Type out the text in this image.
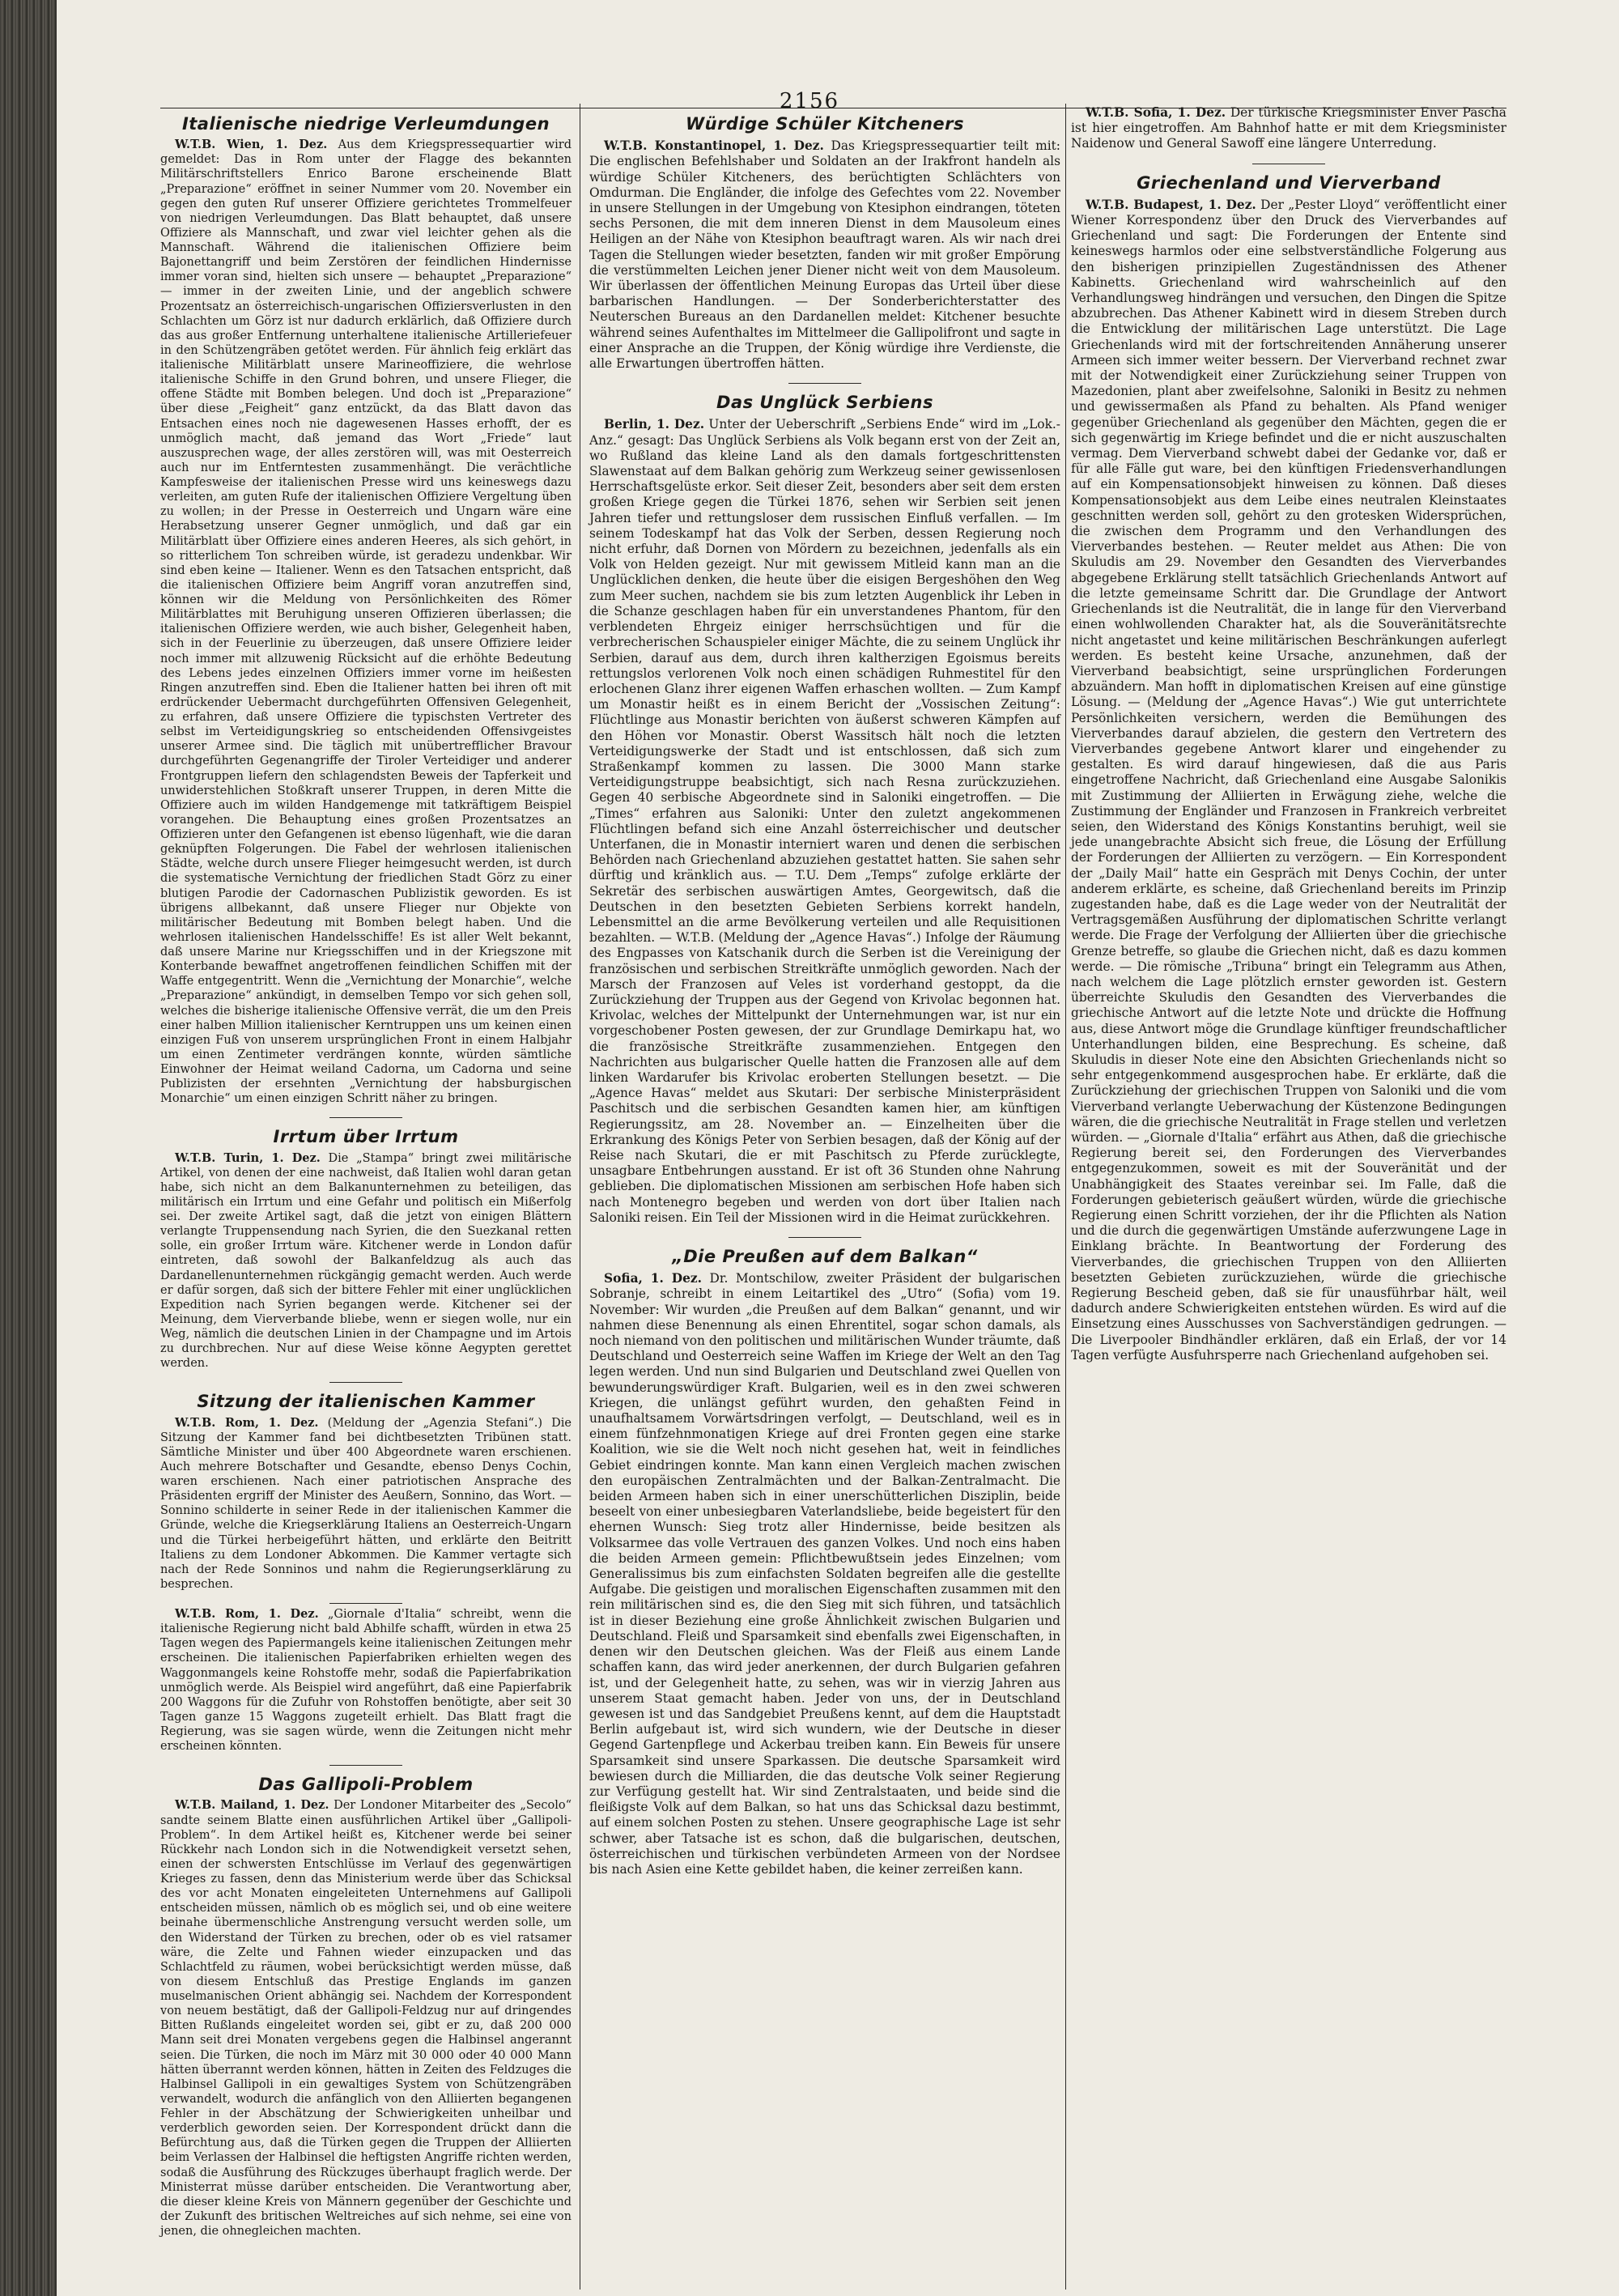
2156
Italienische niedrige Verleumdungen

W.T.B. Wien, 1. Dez. Aus dem Kriegspressequartier wird gemeldet: Das in Rom unter der Flagge des bekannten Militärschriftstellers Enrico Barone erscheinende Blatt „Preparazione“ eröffnet in seiner Nummer vom 20. November ein gegen den guten Ruf unserer Offiziere gerichtetes Trommelfeuer von niedrigen Verleumdungen. Das Blatt behauptet, daß unsere Offiziere als Mannschaft, und zwar viel leichter gehen als die Mannschaft. Während die italienischen Offiziere beim Bajonettangriff und beim Zerstören der feindlichen Hindernisse immer voran sind, hielten sich unsere — behauptet „Preparazione“ — immer in der zweiten Linie, und der angeblich schwere Prozentsatz an österreichisch-ungarischen Offiziersverlusten in den Schlachten um Görz ist nur dadurch erklärlich, daß Offiziere durch das aus großer Entfernung unterhaltene italienische Artilleriefeuer in den Schützengräben getötet werden. Für ähnlich feig erklärt das italienische Militärblatt unsere Marineoffiziere, die wehrlose italienische Schiffe in den Grund bohren, und unsere Flieger, die offene Städte mit Bomben belegen. Und doch ist „Preparazione“ über diese „Feigheit“ ganz entzückt, da das Blatt davon das Entsachen eines noch nie dagewesenen Hasses erhofft, der es unmöglich macht, daß jemand das Wort „Friede“ laut auszusprechen wage, der alles zerstören will, was mit Oesterreich auch nur im Entferntesten zusammenhängt. Die verächtliche Kampfesweise der italienischen Presse wird uns keineswegs dazu verleiten, am guten Rufe der italienischen Offiziere Vergeltung üben zu wollen; in der Presse in Oesterreich und Ungarn wäre eine Herabsetzung unserer Gegner unmöglich, und daß gar ein Militärblatt über Offiziere eines anderen Heeres, als sich gehört, in so ritterlichem Ton schreiben würde, ist geradezu undenkbar. Wir sind eben keine — Italiener. Wenn es den Tatsachen entspricht, daß die italienischen Offiziere beim Angriff voran anzutreffen sind, können wir die Meldung von Persönlichkeiten des Römer Militärblattes mit Beruhigung unseren Offizieren überlassen; die italienischen Offiziere werden, wie auch bisher, Gelegenheit haben, sich in der Feuerlinie zu überzeugen, daß unsere Offiziere leider noch immer mit allzuwenig Rücksicht auf die erhöhte Bedeutung des Lebens jedes einzelnen Offiziers immer vorne im heißesten Ringen anzutreffen sind. Eben die Italiener hatten bei ihren oft mit erdrückender Uebermacht durchgeführten Offensiven Gelegenheit, zu erfahren, daß unsere Offiziere die typischsten Vertreter des selbst im Verteidigungskrieg so entscheidenden Offensivgeistes unserer Armee sind. Die täglich mit unübertrefflicher Bravour durchgeführten Gegenangriffe der Tiroler Verteidiger und anderer Frontgruppen liefern den schlagendsten Beweis der Tapferkeit und unwiderstehlichen Stoßkraft unserer Truppen, in deren Mitte die Offiziere auch im wilden Handgemenge mit tatkräftigem Beispiel vorangehen. Die Behauptung eines großen Prozentsatzes an Offizieren unter den Gefangenen ist ebenso lügenhaft, wie die daran geknüpften Folgerungen. Die Fabel der wehrlosen italienischen Städte, welche durch unsere Flieger heimgesucht werden, ist durch die systematische Vernichtung der friedlichen Stadt Görz zu einer blutigen Parodie der Cadornaschen Publizistik geworden. Es ist übrigens allbekannt, daß unsere Flieger nur Objekte von militärischer Bedeutung mit Bomben belegt haben. Und die wehrlosen italienischen Handelsschiffe! Es ist aller Welt bekannt, daß unsere Marine nur Kriegsschiffen und in der Kriegszone mit Konterbande bewaffnet angetroffenen feindlichen Schiffen mit der Waffe entgegentritt. Wenn die „Vernichtung der Monarchie“, welche „Preparazione“ ankündigt, in demselben Tempo vor sich gehen soll, welches die bisherige italienische Offensive verrät, die um den Preis einer halben Million italienischer Kerntruppen uns um keinen einen einzigen Fuß von unserem ursprünglichen Front in einem Halbjahr um einen Zentimeter verdrängen konnte, würden sämtliche Einwohner der Heimat weiland Cadorna, um Cadorna und seine Publizisten der ersehnten „Vernichtung der habsburgischen Monarchie“ um einen einzigen Schritt näher zu bringen.

Irrtum über Irrtum

W.T.B. Turin, 1. Dez. Die „Stampa“ bringt zwei militärische Artikel, von denen der eine nachweist, daß Italien wohl daran getan habe, sich nicht an dem Balkanunternehmen zu beteiligen, das militärisch ein Irrtum und eine Gefahr und politisch ein Mißerfolg sei. Der zweite Artikel sagt, daß die jetzt von einigen Blättern verlangte Truppensendung nach Syrien, die den Suezkanal retten solle, ein großer Irrtum wäre. Kitchener werde in London dafür eintreten, daß sowohl der Balkanfeldzug als auch das Dardanellenunternehmen rückgängig gemacht werden. Auch werde er dafür sorgen, daß sich der bittere Fehler mit einer unglücklichen Expedition nach Syrien begangen werde. Kitchener sei der Meinung, dem Vierverbande bliebe, wenn er siegen wolle, nur ein Weg, nämlich die deutschen Linien in der Champagne und im Artois zu durchbrechen. Nur auf diese Weise könne Aegypten gerettet werden.

Sitzung der italienischen Kammer

W.T.B. Rom, 1. Dez. (Meldung der „Agenzia Stefani“.) Die Sitzung der Kammer fand bei dichtbesetzten Tribünen statt. Sämtliche Minister und über 400 Abgeordnete waren erschienen. Auch mehrere Botschafter und Gesandte, ebenso Denys Cochin, waren erschienen. Nach einer patriotischen Ansprache des Präsidenten ergriff der Minister des Aeußern, Sonnino, das Wort. — Sonnino schilderte in seiner Rede in der italienischen Kammer die Gründe, welche die Kriegserklärung Italiens an Oesterreich-Ungarn und die Türkei herbeigeführt hätten, und erklärte den Beitritt Italiens zu dem Londoner Abkommen. Die Kammer vertagte sich nach der Rede Sonninos und nahm die Regierungserklärung zu besprechen.

W.T.B. Rom, 1. Dez. „Giornale d'Italia“ schreibt, wenn die italienische Regierung nicht bald Abhilfe schafft, würden in etwa 25 Tagen wegen des Papiermangels keine italienischen Zeitungen mehr erscheinen. Die italienischen Papierfabriken erhielten wegen des Waggonmangels keine Rohstoffe mehr, sodaß die Papierfabrikation unmöglich werde. Als Beispiel wird angeführt, daß eine Papierfabrik 200 Waggons für die Zufuhr von Rohstoffen benötigte, aber seit 30 Tagen ganze 15 Waggons zugeteilt erhielt. Das Blatt fragt die Regierung, was sie sagen würde, wenn die Zeitungen nicht mehr erscheinen könnten.

Das Gallipoli-Problem

W.T.B. Mailand, 1. Dez. Der Londoner Mitarbeiter des „Secolo“ sandte seinem Blatte einen ausführlichen Artikel über „Gallipoli-Problem“. In dem Artikel heißt es, Kitchener werde bei seiner Rückkehr nach London sich in die Notwendigkeit versetzt sehen, einen der schwersten Entschlüsse im Verlauf des gegenwärtigen Krieges zu fassen, denn das Ministerium werde über das Schicksal des vor acht Monaten eingeleiteten Unternehmens auf Gallipoli entscheiden müssen, nämlich ob es möglich sei, und ob eine weitere beinahe übermenschliche Anstrengung versucht werden solle, um den Widerstand der Türken zu brechen, oder ob es viel ratsamer wäre, die Zelte und Fahnen wieder einzupacken und das Schlachtfeld zu räumen, wobei berücksichtigt werden müsse, daß von diesem Entschluß das Prestige Englands im ganzen muselmanischen Orient abhängig sei. Nachdem der Korrespondent von neuem bestätigt, daß der Gallipoli-Feldzug nur auf dringendes Bitten Rußlands eingeleitet worden sei, gibt er zu, daß 200 000 Mann seit drei Monaten vergebens gegen die Halbinsel angerannt seien. Die Türken, die noch im März mit 30 000 oder 40 000 Mann hätten überrannt werden können, hätten in Zeiten des Feldzuges die Halbinsel Gallipoli in ein gewaltiges System von Schützengräben verwandelt, wodurch die anfänglich von den Alliierten begangenen Fehler in der Abschätzung der Schwierigkeiten unheilbar und verderblich geworden seien. Der Korrespondent drückt dann die Befürchtung aus, daß die Türken gegen die Truppen der Alliierten beim Verlassen der Halbinsel die heftigsten Angriffe richten werden, sodaß die Ausführung des Rückzuges überhaupt fraglich werde. Der Ministerrat müsse darüber entscheiden. Die Verantwortung aber, die dieser kleine Kreis von Männern gegenüber der Geschichte und der Zukunft des britischen Weltreiches auf sich nehme, sei eine von jenen, die ohnegleichen machten.

Würdige Schüler Kitcheners

W.T.B. Konstantinopel, 1. Dez. Das Kriegspressequartier teilt mit: Die englischen Befehlshaber und Soldaten an der Irakfront handeln als würdige Schüler Kitcheners, des berüchtigten Schlächters von Omdurman. Die Engländer, die infolge des Gefechtes vom 22. November in unsere Stellungen in der Umgebung von Ktesiphon eindrangen, töteten sechs Personen, die mit dem inneren Dienst in dem Mausoleum eines Heiligen an der Nähe von Ktesiphon beauftragt waren. Als wir nach drei Tagen die Stellungen wieder besetzten, fanden wir mit großer Empörung die verstümmelten Leichen jener Diener nicht weit von dem Mausoleum. Wir überlassen der öffentlichen Meinung Europas das Urteil über diese barbarischen Handlungen. — Der Sonderberichterstatter des Neuterschen Bureaus an den Dardanellen meldet: Kitchener besuchte während seines Aufenthaltes im Mittelmeer die Gallipolifront und sagte in einer Ansprache an die Truppen, der König würdige ihre Verdienste, die alle Erwartungen übertroffen hätten.

Das Unglück Serbiens

Berlin, 1. Dez. Unter der Ueberschrift „Serbiens Ende“ wird im „Lok.-Anz.“ gesagt: Das Unglück Serbiens als Volk begann erst von der Zeit an, wo Rußland das kleine Land als den damals fortgeschrittensten Slawenstaat auf dem Balkan gehörig zum Werkzeug seiner gewissenlosen Herrschaftsgelüste erkor. Seit dieser Zeit, besonders aber seit dem ersten großen Kriege gegen die Türkei 1876, sehen wir Serbien seit jenen Jahren tiefer und rettungsloser dem russischen Einfluß verfallen. — Im seinem Todeskampf hat das Volk der Serben, dessen Regierung noch nicht erfuhr, daß Dornen von Mördern zu bezeichnen, jedenfalls als ein Volk von Helden gezeigt. Nur mit gewissem Mitleid kann man an die Unglücklichen denken, die heute über die eisigen Bergeshöhen den Weg zum Meer suchen, nachdem sie bis zum letzten Augenblick ihr Leben in die Schanze geschlagen haben für ein unverstandenes Phantom, für den verblendeten Ehrgeiz einiger herrschsüchtigen und für die verbrecherischen Schauspieler einiger Mächte, die zu seinem Unglück ihr Serbien, darauf aus dem, durch ihren kaltherzigen Egoismus bereits rettungslos verlorenen Volk noch einen schädigen Ruhmestitel für den erlochenen Glanz ihrer eigenen Waffen erhaschen wollten. — Zum Kampf um Monastir heißt es in einem Bericht der „Vossischen Zeitung“: Flüchtlinge aus Monastir berichten von äußerst schweren Kämpfen auf den Höhen vor Monastir. Oberst Wassitsch hält noch die letzten Verteidigungswerke der Stadt und ist entschlossen, daß sich zum Straßenkampf kommen zu lassen. Die 3000 Mann starke Verteidigungstruppe beabsichtigt, sich nach Resna zurückzuziehen. Gegen 40 serbische Abgeordnete sind in Saloniki eingetroffen. — Die „Times“ erfahren aus Saloniki: Unter den zuletzt angekommenen Flüchtlingen befand sich eine Anzahl österreichischer und deutscher Unterfanen, die in Monastir interniert waren und denen die serbischen Behörden nach Griechenland abzuziehen gestattet hatten. Sie sahen sehr dürftig und kränklich aus. — T.U. Dem „Temps“ zufolge erklärte der Sekretär des serbischen auswärtigen Amtes, Georgewitsch, daß die Deutschen in den besetzten Gebieten Serbiens korrekt handeln, Lebensmittel an die arme Bevölkerung verteilen und alle Requisitionen bezahlten. — W.T.B. (Meldung der „Agence Havas“.) Infolge der Räumung des Engpasses von Katschanik durch die Serben ist die Vereinigung der französischen und serbischen Streitkräfte unmöglich geworden. Nach der Marsch der Franzosen auf Veles ist vorderhand gestoppt, da die Zurückziehung der Truppen aus der Gegend von Krivolac begonnen hat. Krivolac, welches der Mittelpunkt der Unternehmungen war, ist nur ein vorgeschobener Posten gewesen, der zur Grundlage Demirkapu hat, wo die französische Streitkräfte zusammenziehen. Entgegen den Nachrichten aus bulgarischer Quelle hatten die Franzosen alle auf dem linken Wardarufer bis Krivolac eroberten Stellungen besetzt. — Die „Agence Havas“ meldet aus Skutari: Der serbische Ministerpräsident Paschitsch und die serbischen Gesandten kamen hier, am künftigen Regierungssitz, am 28. November an. — Einzelheiten über die Erkrankung des Königs Peter von Serbien besagen, daß der König auf der Reise nach Skutari, die er mit Paschitsch zu Pferde zurücklegte, unsagbare Entbehrungen ausstand. Er ist oft 36 Stunden ohne Nahrung geblieben. Die diplomatischen Missionen am serbischen Hofe haben sich nach Montenegro begeben und werden von dort über Italien nach Saloniki reisen. Ein Teil der Missionen wird in die Heimat zurückkehren.

„Die Preußen auf dem Balkan“

Sofia, 1. Dez. Dr. Montschilow, zweiter Präsident der bulgarischen Sobranje, schreibt in einem Leitartikel des „Utro“ (Sofia) vom 19. November: Wir wurden „die Preußen auf dem Balkan“ genannt, und wir nahmen diese Benennung als einen Ehrentitel, sogar schon damals, als noch niemand von den politischen und militärischen Wunder träumte, daß Deutschland und Oesterreich seine Waffen im Kriege der Welt an den Tag legen werden. Und nun sind Bulgarien und Deutschland zwei Quellen von bewunderungswürdiger Kraft. Bulgarien, weil es in den zwei schweren Kriegen, die unlängst geführt wurden, den gehaßten Feind in unaufhaltsamem Vorwärtsdringen verfolgt, — Deutschland, weil es in einem fünfzehnmonatigen Kriege auf drei Fronten gegen eine starke Koalition, wie sie die Welt noch nicht gesehen hat, weit in feindliches Gebiet eindringen konnte. Man kann einen Vergleich machen zwischen den europäischen Zentralmächten und der Balkan-Zentralmacht. Die beiden Armeen haben sich in einer unerschütterlichen Disziplin, beide beseelt von einer unbesiegbaren Vaterlandsliebe, beide begeistert für den ehernen Wunsch: Sieg trotz aller Hindernisse, beide besitzen als Volksarmee das volle Vertrauen des ganzen Volkes. Und noch eins haben die beiden Armeen gemein: Pflichtbewußtsein jedes Einzelnen; vom Generalissimus bis zum einfachsten Soldaten begreifen alle die gestellte Aufgabe. Die geistigen und moralischen Eigenschaften zusammen mit den rein militärischen sind es, die den Sieg mit sich führen, und tatsächlich ist in dieser Beziehung eine große Ähnlichkeit zwischen Bulgarien und Deutschland. Fleiß und Sparsamkeit sind ebenfalls zwei Eigenschaften, in denen wir den Deutschen gleichen. Was der Fleiß aus einem Lande schaffen kann, das wird jeder anerkennen, der durch Bulgarien gefahren ist, und der Gelegenheit hatte, zu sehen, was wir in vierzig Jahren aus unserem Staat gemacht haben. Jeder von uns, der in Deutschland gewesen ist und das Sandgebiet Preußens kennt, auf dem die Hauptstadt Berlin aufgebaut ist, wird sich wundern, wie der Deutsche in dieser Gegend Gartenpflege und Ackerbau treiben kann. Ein Beweis für unsere Sparsamkeit sind unsere Sparkassen. Die deutsche Sparsamkeit wird bewiesen durch die Milliarden, die das deutsche Volk seiner Regierung zur Verfügung gestellt hat. Wir sind Zentralstaaten, und beide sind die fleißigste Volk auf dem Balkan, so hat uns das Schicksal dazu bestimmt, auf einem solchen Posten zu stehen. Unsere geographische Lage ist sehr schwer, aber Tatsache ist es schon, daß die bulgarischen, deutschen, österreichischen und türkischen verbündeten Armeen von der Nordsee bis nach Asien eine Kette gebildet haben, die keiner zerreißen kann.

W.T.B. Sofia, 1. Dez. Der türkische Kriegsminister Enver Pascha ist hier eingetroffen. Am Bahnhof hatte er mit dem Kriegsminister Naidenow und General Sawoff eine längere Unterredung.

Griechenland und Vierverband

W.T.B. Budapest, 1. Dez. Der „Pester Lloyd“ veröffentlicht einer Wiener Korrespondenz über den Druck des Vierverbandes auf Griechenland und sagt: Die Forderungen der Entente sind keineswegs harmlos oder eine selbstverständliche Folgerung aus den bisherigen prinzipiellen Zugeständnissen des Athener Kabinetts. Griechenland wird wahrscheinlich auf den Verhandlungsweg hindrängen und versuchen, den Dingen die Spitze abzubrechen. Das Athener Kabinett wird in diesem Streben durch die Entwicklung der militärischen Lage unterstützt. Die Lage Griechenlands wird mit der fortschreitenden Annäherung unserer Armeen sich immer weiter bessern. Der Vierverband rechnet zwar mit der Notwendigkeit einer Zurückziehung seiner Truppen von Mazedonien, plant aber zweifelsohne, Saloniki in Besitz zu nehmen und gewissermaßen als Pfand zu behalten. Als Pfand weniger gegenüber Griechenland als gegenüber den Mächten, gegen die er sich gegenwärtig im Kriege befindet und die er nicht auszuschalten vermag. Dem Vierverband schwebt dabei der Gedanke vor, daß er für alle Fälle gut ware, bei den künftigen Friedensverhandlungen auf ein Kompensationsobjekt hinweisen zu können. Daß dieses Kompensationsobjekt aus dem Leibe eines neutralen Kleinstaates geschnitten werden soll, gehört zu den grotesken Widersprüchen, die zwischen dem Programm und den Verhandlungen des Vierverbandes bestehen. — Reuter meldet aus Athen: Die von Skuludis am 29. November den Gesandten des Vierverbandes abgegebene Erklärung stellt tatsächlich Griechenlands Antwort auf die letzte gemeinsame Schritt dar. Die Grundlage der Antwort Griechenlands ist die Neutralität, die in lange für den Vierverband einen wohlwollenden Charakter hat, als die Souveränitätsrechte nicht angetastet und keine militärischen Beschränkungen auferlegt werden. Es besteht keine Ursache, anzunehmen, daß der Vierverband beabsichtigt, seine ursprünglichen Forderungen abzuändern. Man hofft in diplomatischen Kreisen auf eine günstige Lösung. — (Meldung der „Agence Havas“.) Wie gut unterrichtete Persönlichkeiten versichern, werden die Bemühungen des Vierverbandes darauf abzielen, die gestern den Vertretern des Vierverbandes gegebene Antwort klarer und eingehender zu gestalten. Es wird darauf hingewiesen, daß die aus Paris eingetroffene Nachricht, daß Griechenland eine Ausgabe Salonikis mit Zustimmung der Alliierten in Erwägung ziehe, welche die Zustimmung der Engländer und Franzosen in Frankreich verbreitet seien, den Widerstand des Königs Konstantins beruhigt, weil sie jede unangebrachte Absicht sich freue, die Lösung der Erfüllung der Forderungen der Alliierten zu verzögern. — Ein Korrespondent der „Daily Mail“ hatte ein Gespräch mit Denys Cochin, der unter anderem erklärte, es scheine, daß Griechenland bereits im Prinzip zugestanden habe, daß es die Lage weder von der Neutralität der Vertragsgemäßen Ausführung der diplomatischen Schritte verlangt werde. Die Frage der Verfolgung der Alliierten über die griechische Grenze betreffe, so glaube die Griechen nicht, daß es dazu kommen werde. — Die römische „Tribuna“ bringt ein Telegramm aus Athen, nach welchem die Lage plötzlich ernster geworden ist. Gestern überreichte Skuludis den Gesandten des Vierverbandes die griechische Antwort auf die letzte Note und drückte die Hoffnung aus, diese Antwort möge die Grundlage künftiger freundschaftlicher Unterhandlungen bilden, eine Besprechung. Es scheine, daß Skuludis in dieser Note eine den Absichten Griechenlands nicht so sehr entgegenkommend ausgesprochen habe. Er erklärte, daß die Zurückziehung der griechischen Truppen von Saloniki und die vom Vierverband verlangte Ueberwachung der Küstenzone Bedingungen wären, die die griechische Neutralität in Frage stellen und verletzen würden. — „Giornale d'Italia“ erfährt aus Athen, daß die griechische Regierung bereit sei, den Forderungen des Vierverbandes entgegenzukommen, soweit es mit der Souveränität und der Unabhängigkeit des Staates vereinbar sei. Im Falle, daß die Forderungen gebieterisch geäußert würden, würde die griechische Regierung einen Schritt vorziehen, der ihr die Pflichten als Nation und die durch die gegenwärtigen Umstände auferzwungene Lage in Einklang brächte. In Beantwortung der Forderung des Vierverbandes, die griechischen Truppen von den Alliierten besetzten Gebieten zurückzuziehen, würde die griechische Regierung Bescheid geben, daß sie für unausführbar hält, weil dadurch andere Schwierigkeiten entstehen würden. Es wird auf die Einsetzung eines Ausschusses von Sachverständigen gedrungen. — Die Liverpooler Bindhändler erklären, daß ein Erlaß, der vor 14 Tagen verfügte Ausfuhrsperre nach Griechenland aufgehoben sei.
